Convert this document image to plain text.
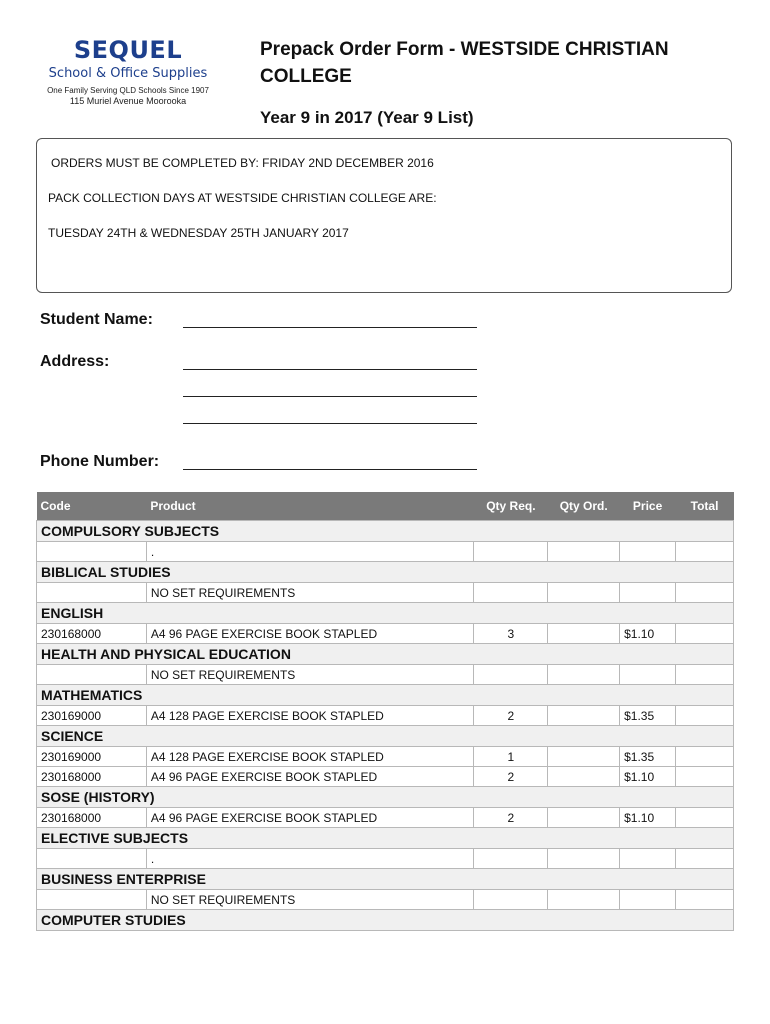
SEQUEL
School & Office Supplies
One Family Serving QLD Schools Since 1907
115 Muriel Avenue Moorooka
Prepack Order Form - WESTSIDE CHRISTIAN COLLEGE
Year 9 in 2017 (Year 9 List)

ORDERS MUST BE COMPLETED BY: FRIDAY 2ND DECEMBER 2016

PACK COLLECTION DAYS AT WESTSIDE CHRISTIAN COLLEGE ARE:

TUESDAY 24TH & WEDNESDAY 25TH JANUARY 2017

Student Name:
Address:
Phone Number:
Code	Product	Qty Req.	Qty Ord.	Price	Total
COMPULSORY SUBJECTS					
	.				
BIBLICAL STUDIES					
	NO SET REQUIREMENTS				
ENGLISH					
230168000	A4 96 PAGE EXERCISE BOOK STAPLED	3		$1.10	
HEALTH AND PHYSICAL EDUCATION					
	NO SET REQUIREMENTS				
MATHEMATICS					
230169000	A4 128 PAGE EXERCISE BOOK STAPLED	2		$1.35	
SCIENCE					
230169000	A4 128 PAGE EXERCISE BOOK STAPLED	1		$1.35	
230168000	A4 96 PAGE EXERCISE BOOK STAPLED	2		$1.10	
SOSE (HISTORY)					
230168000	A4 96 PAGE EXERCISE BOOK STAPLED	2		$1.10	
ELECTIVE SUBJECTS					
	.				
BUSINESS ENTERPRISE					
	NO SET REQUIREMENTS				
COMPUTER STUDIES					
